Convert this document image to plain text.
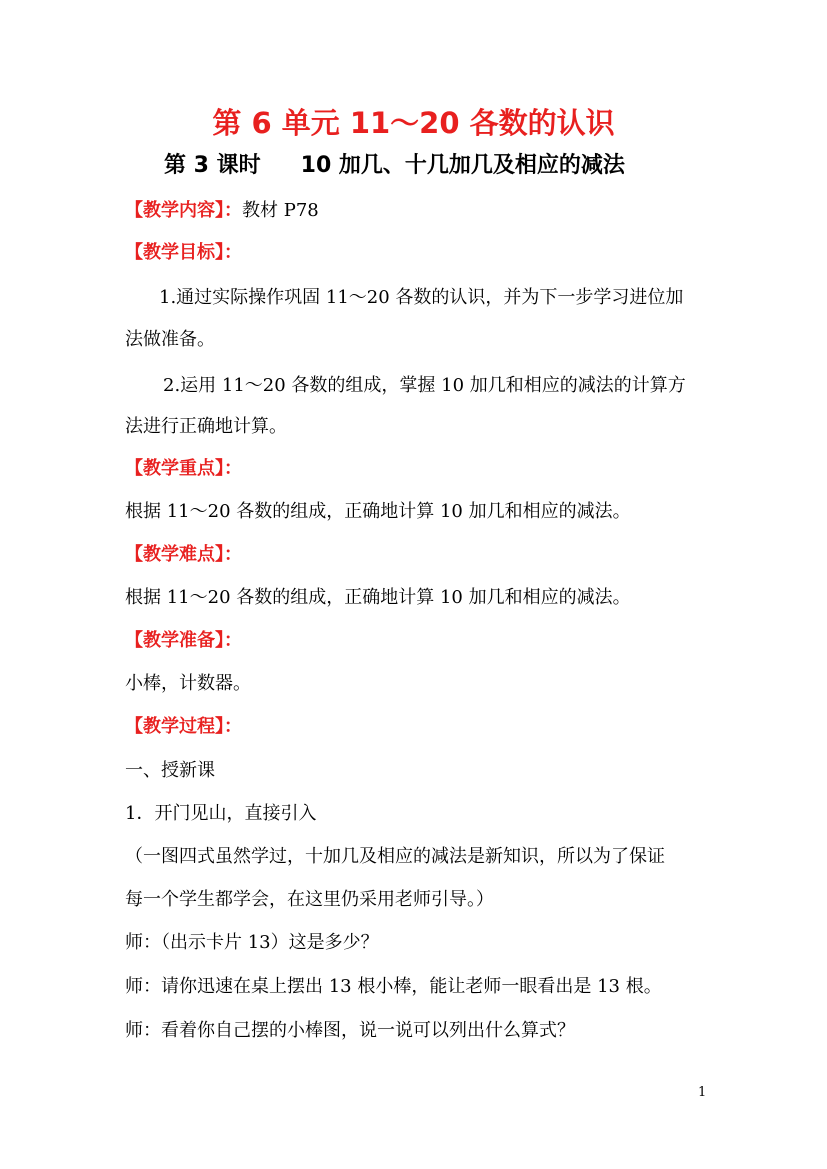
第 6 单元 11～20 各数的认识
第 3 课时 10 加几、十几加几及相应的减法
【教学内容】：教材 P78
【教学目标】：
1.通过实际操作巩固 11～20 各数的认识，并为下一步学习进位加
法做准备。
2.运用 11～20 各数的组成，掌握 10 加几和相应的减法的计算方
法进行正确地计算。
【教学重点】：
根据 11～20 各数的组成，正确地计算 10 加几和相应的减法。
【教学难点】：
根据 11～20 各数的组成，正确地计算 10 加几和相应的减法。
【教学准备】：
小棒，计数器。
【教学过程】：
一、授新课
1．开门见山，直接引入
（一图四式虽然学过，十加几及相应的减法是新知识，所以为了保证
每一个学生都学会，在这里仍采用老师引导。）
师：（出示卡片 13）这是多少？
师：请你迅速在桌上摆出 13 根小棒，能让老师一眼看出是 13 根。
师：看着你自己摆的小棒图，说一说可以列出什么算式？
1
